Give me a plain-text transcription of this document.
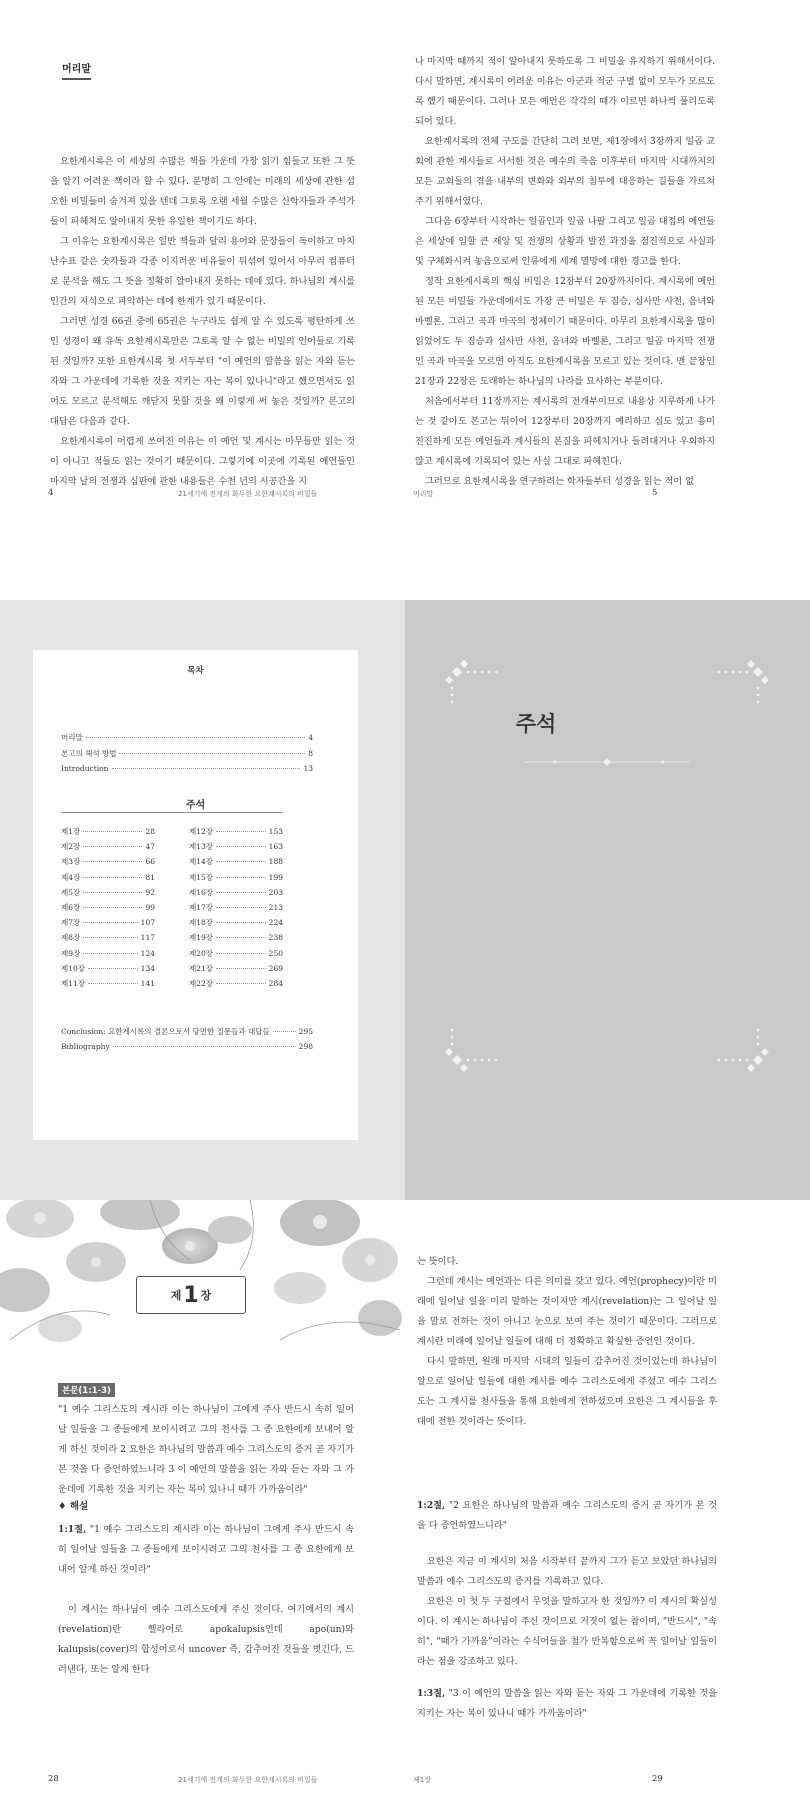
머리말

요한계시록은 이 세상의 수많은 책들 가운데 가장 읽기 힘들고 또한 그 뜻을 알기 어려운 책이라 할 수 있다. 분명히 그 안에는 미래의 세상에 관한 섬오한 비밀들이 숨겨져 있을 텐데 그토록 오랜 세월 수많은 신학자들과 주석가들이 파헤쳐도 알아내지 못한 유일한 책이기도 하다.

그 이유는 요한계시록은 일반 책들과 달리 용어와 문장들이 독이하고 마치 난수표 같은 숫자들과 각종 이지러운 비유들이 뒤섞여 있어서 아무리 컴퓨터로 분석을 해도 그 뜻을 정확히 알아내지 못하는 데에 있다. 하나님의 계시를 인간의 지식으로 파악하는 데에 한계가 있기 때문이다.

그러면 성경 66권 중에 65권은 누구라도 쉽게 알 수 있도록 평탄하게 쓰인 성경이 왜 유독 요한계시록만은 그토록 알 수 없는 비밀의 언어들로 기록된 것일까? 또한 요한계시록 첫 서두부터 "이 예언의 말씀을 읽는 자와 듣는 자와 그 가운데에 기록한 것을 지키는 자는 복이 있나니"라고 했으면서도 읽어도 모르고 분석해도 깨닫지 못할 것을 왜 이렇게 써 놓은 것일까? 본고의 대답은 다음과 같다.

요한계시록이 어렵게 쓰여진 이유는 이 예언 및 계시는 아무들만 읽는 것이 아니고 적들도 읽는 것이기 때문이다. 그렇기에 이곳에 기록된 예언들인 마지막 날의 전쟁과 심판에 관한 내용들은 수천 년의 시공간을 지

4	21세기에 전개의 화두한 요한계시록의 비밀들

나 마지막 때까지 적이 알아내지 못하도록 그 비밀을 유지하기 위해서이다. 다시 말하면, 계시록이 어려운 이유는 아군과 적군 구별 없이 모두가 모르도록 했기 때문이다. 그러나 모든 예언은 각각의 때가 이르면 하나씩 풀리도록 되어 있다.

요한계시록의 전체 구도를 간단히 그려 보면, 제1장에서 3장까지 일곱 교회에 관한 계시들로 서서한 것은 예수의 죽음 이후부터 마지막 시대까지의 모든 교회들의 겪을 내부의 변화와 외부의 침투에 대응하는 길들을 가르쳐 주기 위해서였다.

그다음 6장부터 시작하는 일곱인과 일곱 나팔 그리고 일곱 대접의 예언들은 세상에 임할 큰 재앙 및 전쟁의 상황과 발전 과정을 점진적으로 사실과 및 구체화시켜 놓음으로써 인류에게 세계 멸망에 대한 경고를 한다.

정작 요한계시록의 핵심 비밀은 12장부터 20장까지이다. 계시록에 예언된 모든 비밀들 가운데에서도 가장 큰 비밀은 두 짐승, 심사만 사천, 음녀와 바벨론, 그리고 곡과 마곡의 정체이기 때문이다. 아무리 요한계시록을 많이 읽었어도 두 짐승과 십사만 사천, 음녀와 바벨론, 그리고 일곱 마지막 전쟁인 곡과 마곡을 모르면 아직도 요한계시록을 모르고 있는 것이다. 맨 끝장인 21장과 22장은 도래하는 하나님의 나라를 묘사하는 부분이다.

처음에서부터 11장까지는 계시록의 전개부이므로 내용상 지루하게 나가는 것 같아도 본고는 뒤이어 12장부터 20장까지 예리하고 심도 있고 흥미진진하게 모든 예언들과 계시들의 본질을 파헤치거나 들려대거나 우회하지 않고 계시록에 기록되어 있는 사실 그대로 파헤친다.

그러므로 요한계시록을 연구하려는 학자들부터 성경을 읽는 적이 없

머리말	5
목차
머리말	4
본고의 해석 방법	8
Introduction	13
주석
제1장	28
제2장	47
제3장	66
제4장	81
제5장	92
제6장	99
제7장	107
제8장	117
제9장	124
제10장	134
제11장	141
제12장	153
제13장	163
제14장	188
제15장	199
제16장	203
제17장	213
제18장	224
제19장	238
제20장	250
제21장	269
제22장	284
Conclusion: 요한계시록의 결론으로서 당면한 질문들과 대답들	295
Bibliography	298
주석
제 1 장
본문(1:1-3)
"1 예수 그리스도의 계시라 이는 하나님이 그에게 주사 반드시 속히 일어날 일들을 그 종들에게 보이시려고 그의 천사를 그 종 요한에게 보내어 알게 하신 것이라 2 요한은 하나님의 말씀과 예수 그리스도의 증거 곧 자기가 본 것을 다 증언하였느니라 3 이 예언의 말씀을 읽는 자와 듣는 자와 그 가운데에 기록한 것을 지키는 자는 복이 있나니 때가 가까움이라"
♦ 해설
1:1절, "1 예수 그리스도의 계시라 이는 하나님이 그에게 주사 반드시 속히 일어날 일들을 그 종들에게 보이시려고 그의 천사를 그 종 요한에게 보내어 알게 하신 것이라"
이 계시는 하나님이 예수 그리스도에게 주신 것이다. 여기에서의 계시(revelation)란 헬라어로 apokalupsis인데 apo(un)와 kalupsis(cover)의 합성어로서 uncover 즉, 감추어진 것들을 벗긴다, 드러낸다, 또는 알게 한다
28	21세기에 전개의 화두한 요한계시록의 비밀들
는 뜻이다.
그런데 계시는 예언과는 다른 의미를 갖고 있다. 예언(prophecy)이란 미래에 일어날 일을 미리 말하는 것이지만 계시(revelation)는 그 일어날 일을 말로 전하는 것이 아니고 눈으로 보여 주는 것이기 때문이다. 그러므로 계시란 미래에 일어날 일들에 대해 더 정확하고 확실한 증언인 것이다.
다시 말하면, 원래 마지막 시대의 일들이 감추어진 것이었는데 하나님이 알으로 일어날 일들에 대한 계시를 예수 그리스도에게 주셨고 예수 그리스도는 그 계시를 천사들을 통해 요한에게 전하셨으며 요한은 그 계시들을 후대에 전한 것이라는 뜻이다.
1:2절, "2 요한은 하나님의 말씀과 예수 그리스도의 증거 곧 자기가 본 것을 다 증언하였느니라"
요한은 지금 이 계시의 처음 시작부터 끝까지 그가 듣고 보았던 하나님의 말씀과 예수 그리스도의 증거를 기록하고 있다.
요한은 이 첫 두 구절에서 무엇을 말하고자 한 것일까? 이 계시의 확실성이다. 이 계시는 하나님이 주신 것이므로 거짓이 없는 참이며, "반드시", "속히", "때가 가까움"이라는 수식어들을 첨가 반복함으로써 꼭 일어날 일들이라는 점을 강조하고 있다.
1:3절, "3 이 예언의 말씀을 읽는 자와 듣는 자와 그 가운데에 기록한 것을 지키는 자는 복이 있나니 때가 가까움이라"
제1장	29
